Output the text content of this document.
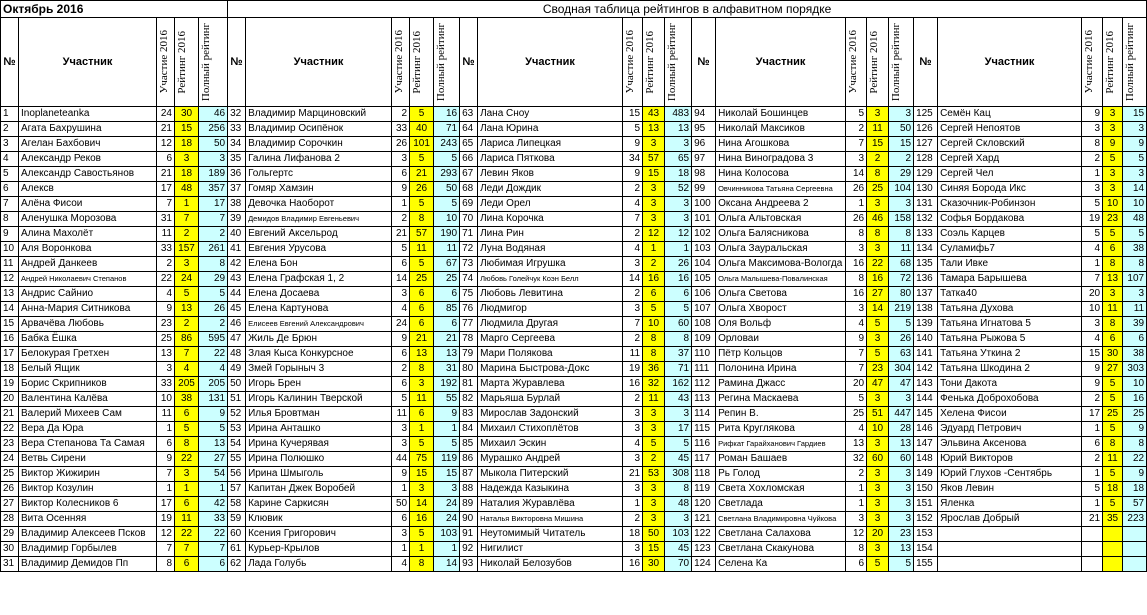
Октябрь 2016					Сводная таблица рейтингов в алфавитном порядке																			
№	Участник	Участие 2016	Рейтинг 2016	Полный рейтинг	№	Участник	Участие 2016	Рейтинг 2016	Полный рейтинг	№	Участник	Участие 2016	Рейтинг 2016	Полный рейтинг	№	Участник	Участие 2016	Рейтинг 2016	Полный рейтинг	№	Участник	Участие 2016	Рейтинг 2016	Полный рейтинг

1	Inoplaneteanka	24	30	46	32	Владимир Марциновский	2	5	16	63	Лана Сноу	15	43	483	94	Николай Бошинцев	5	3	3	125	Семён Кац	9	3	15
2	Агата Бахрушина	21	15	256	33	Владимир Осипёнок	33	40	71	64	Лана Юрина	5	13	13	95	Николай Максиков	2	11	50	126	Сергей Непоятов	3	3	3
3	Агелан Бахбович	12	18	50	34	Владимир Сорочкин	26	101	243	65	Лариса Липецкая	9	3	3	96	Нина Агошкова	7	15	15	127	Сергей Скловский	8	9	9
4	Александр Реков	6	3	3	35	Галина Лифанова 2	3	5	5	66	Лариса Пяткова	34	57	65	97	Нина Виноградова 3	3	2	2	128	Сергей Хард	2	5	5
5	Александр Савостьянов	21	18	189	36	Гольгертс	6	21	293	67	Левин Яков	9	15	18	98	Нина Колосова	14	8	29	129	Сергей Чел	1	3	3
6	Алексв	17	48	357	37	Гомяр Хамзин	9	26	50	68	Леди Дождик	2	3	52	99	Овчинникова Татьяна Сергеевна	26	25	104	130	Синяя Борода Икс	3	3	14
7	Алёна Фисои	7	1	17	38	Девочка Наоборот	1	5	5	69	Леди Орел	4	3	3	100	Оксана Андреева 2	1	3	3	131	Сказочник-Робинзон	5	10	10
8	Аленушка Морозова	31	7	7	39	Демидов Владимир Евгеньевич	2	8	10	70	Лина Корочка	7	3	3	101	Ольга Альтовская	26	46	158	132	Софья Бордакова	19	23	48
9	Алина Махолёт	11	2	2	40	Евгений Аксельрод	21	57	190	71	Лина Рин	2	12	12	102	Ольга Балясникова	8	8	8	133	Соэль Карцев	5	5	5
10	Аля Воронкова	33	157	261	41	Евгения Урусова	5	11	11	72	Луна Водяная	4	1	1	103	Ольга Зауральская	3	3	11	134	Суламифь7	4	6	38
11	Андрей Данкеев	2	3	8	42	Елена Бон	6	5	67	73	Любимая Игрушка	3	2	26	104	Ольга Максимова-Вологда	16	22	68	135	Тали Ивке	1	8	8
12	Андрей Николаевич Степанов	22	24	29	43	Елена Графская 1, 2	14	25	25	74	Любовь Голейчук Коэн Белл	14	16	16	105	Ольга Малышева-Повалинская	8	16	72	136	Тамара Барышева	7	13	107
13	Андрис Сайнио	4	5	5	44	Елена Досаева	3	6	6	75	Любовь Левитина	2	6	6	106	Ольга Светова	16	27	80	137	Татка40	20	3	3
14	Анна-Мария Ситникова	9	13	26	45	Елена Картунова	4	6	85	76	Людмигор	3	5	5	107	Ольга Хворост	3	14	219	138	Татьяна Духова	10	11	11
15	Арвачёва Любовь	23	2	2	46	Елисеев Евгений Александрович	24	6	6	77	Людмила Другая	7	10	60	108	Оля Вольф	4	5	5	139	Татьяна Игнатова 5	3	8	39
16	Бабка Ёшка	25	86	595	47	Жиль Де Брюн	9	21	21	78	Марго Сергеева	2	8	8	109	Орловаи	9	3	26	140	Татьяна Рыжова 5	4	6	6
17	Белокурая Гретхен	13	7	22	48	Злая Кыса Конкурсное	6	13	13	79	Мари Полякова	11	8	37	110	Пётр Кольцов	7	5	63	141	Татьяна Уткина 2	15	30	38
18	Белый Ящик	3	4	4	49	Змей Горыныч 3	2	8	31	80	Марина Быстрова-Докс	19	36	71	111	Полонина Ирина	7	23	304	142	Татьяна Шкодина 2	9	27	303
19	Борис Скрипников	33	205	205	50	Игорь Брен	6	3	192	81	Марта Журавлева	16	32	162	112	Рамина Джасс	20	47	47	143	Тони Дакота	9	5	10
20	Валентина Калёва	10	38	131	51	Игорь Калинин Тверской	5	11	55	82	Марьяша Бурлай	2	11	43	113	Регина Маскаева	5	3	3	144	Фенька Доброхобова	2	5	16
21	Валерий Михеев Сам	11	6	9	52	Илья Бровтман	11	6	9	83	Мирослав Задонский	3	3	3	114	Репин В.	25	51	447	145	Хелена Фисои	17	25	25
22	Вера Да Юра	1	5	5	53	Ирина Анташко	3	1	1	84	Михаил Стихоплётов	3	3	17	115	Рита Круглякова	4	10	28	146	Эдуард Петрович	1	5	9
23	Вера Степанова Та Самая	6	8	13	54	Ирина Кучерявая	3	5	5	85	Михаил Эскин	4	5	5	116	Рифкат Гарайханович Гардиев	13	3	13	147	Эльвина Аксенова	6	8	8
24	Ветвь Сирени	9	22	27	55	Ирина Полюшко	44	75	119	86	Мурашко Андрей	3	2	45	117	Роман Башаев	32	60	60	148	Юрий Викторов	2	11	22
25	Виктор Жижирин	7	3	54	56	Ирина Шмыголь	9	15	15	87	Мыкола Питерский	21	53	308	118	Рь Голод	2	3	3	149	Юрий Глухов -Сентябрь	1	5	9
26	Виктор Козулин	1	1	1	57	Капитан Джек Воробей	1	3	3	88	Надежда Казыкина	3	3	8	119	Света Хохломская	1	3	3	150	Яков Левин	5	18	18
27	Виктор Колесников 6	17	6	42	58	Карине Саркисян	50	14	24	89	Наталия Журавлёва	1	3	48	120	Светлада	1	3	3	151	Яленка	1	5	57
28	Вита Осенняя	19	11	33	59	Клювик	6	16	24	90	Наталья Викторовна Мишина	2	3	3	121	Светлана Владимировна Чуйкова	3	3	3	152	Ярослав Добрый	21	35	223
29	Владимир Алексеев Псков	12	22	22	60	Ксения Григорович	3	5	103	91	Неутомимый Читатель	18	50	103	122	Светлана Салахова	12	20	23	153				
30	Владимир Горбылев	7	7	7	61	Курьер-Крылов	1	1	1	92	Нигилист	3	15	45	123	Светлана Скакунова	8	3	13	154				
31	Владимир Демидов Пп	8	6	6	62	Лада Голубь	4	8	14	93	Николай Белозубов	16	30	70	124	Селена Ка	6	5	5	155				
